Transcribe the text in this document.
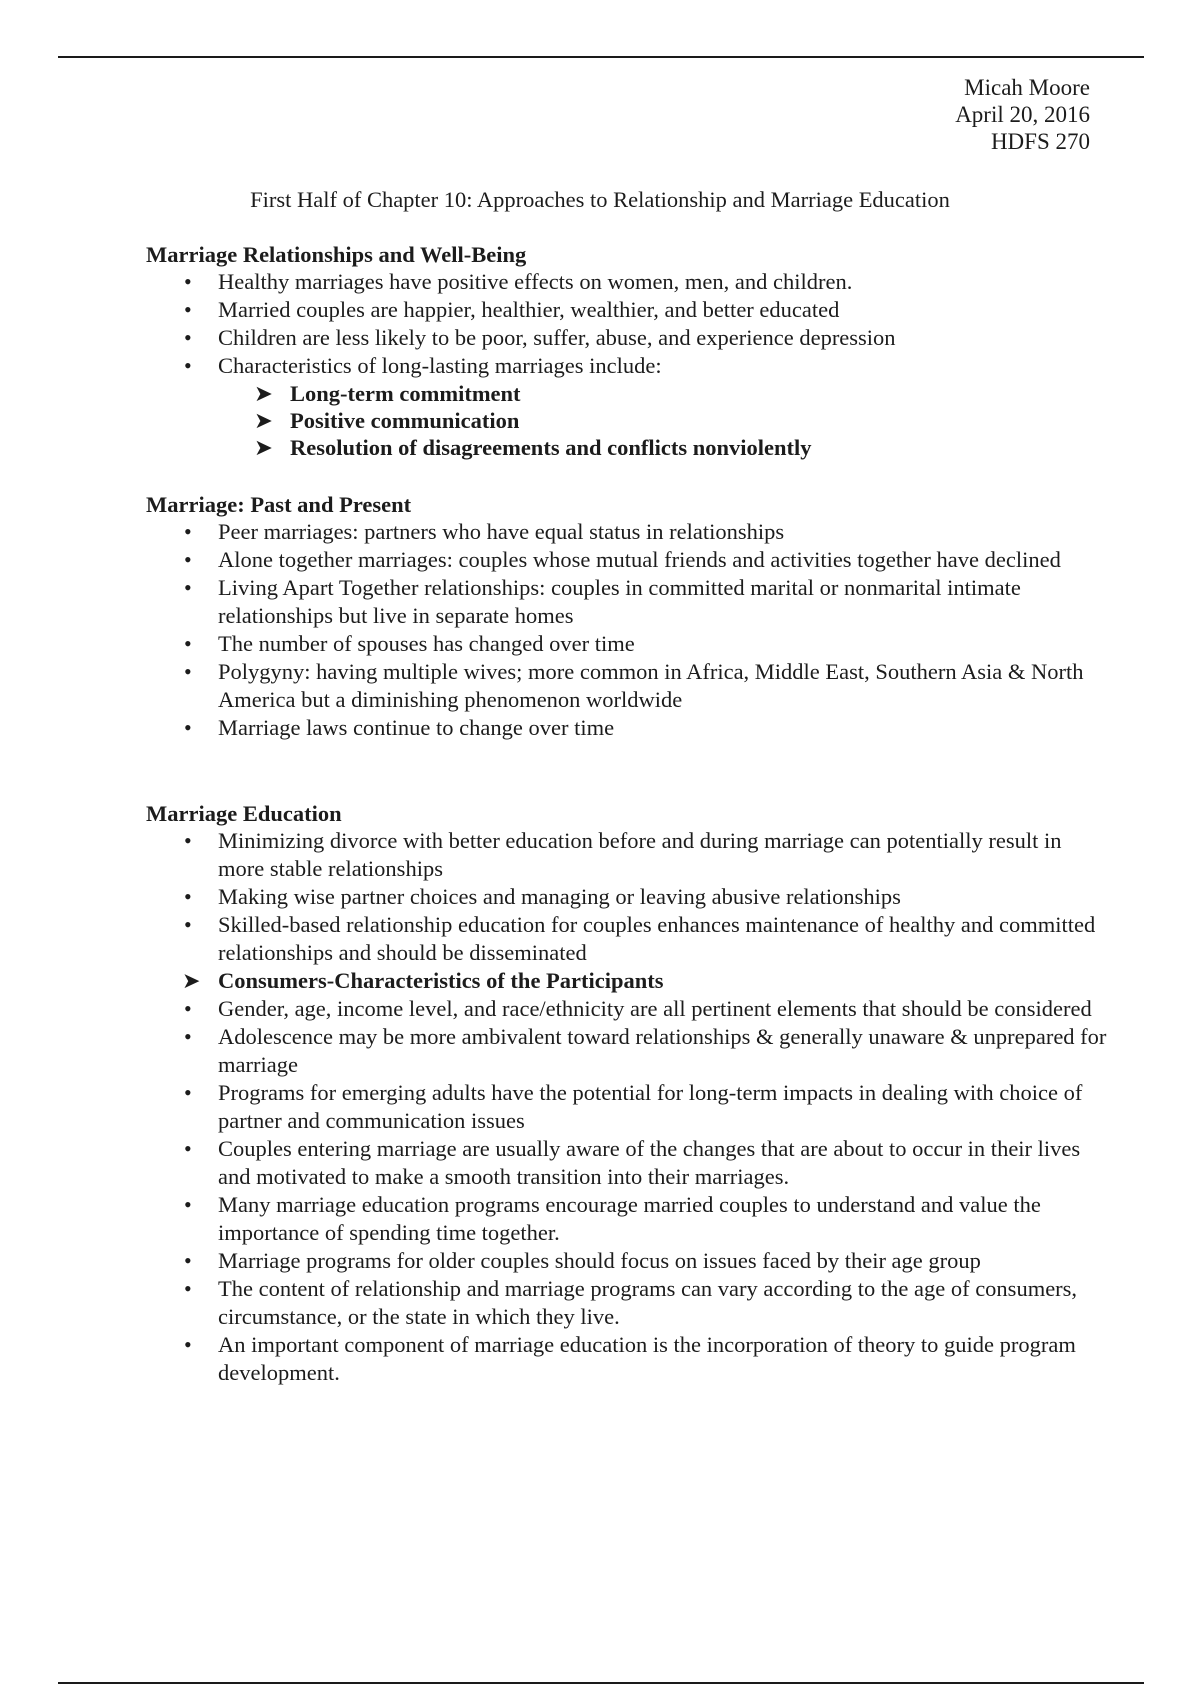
Micah Moore
April 20, 2016
HDFS 270
First Half of Chapter 10: Approaches to Relationship and Marriage Education
Marriage Relationships and Well-Being
• Healthy marriages have positive effects on women, men, and children.
• Married couples are happier, healthier, wealthier, and better educated
• Children are less likely to be poor, suffer, abuse, and experience depression
• Characteristics of long-lasting marriages include:
➤ Long-term commitment
➤ Positive communication
➤ Resolution of disagreements and conflicts nonviolently
Marriage: Past and Present
• Peer marriages: partners who have equal status in relationships
• Alone together marriages: couples whose mutual friends and activities together have declined
• Living Apart Together relationships: couples in committed marital or nonmarital intimate relationships but live in separate homes
• The number of spouses has changed over time
• Polygyny: having multiple wives; more common in Africa, Middle East, Southern Asia & North America but a diminishing phenomenon worldwide
• Marriage laws continue to change over time
Marriage Education
• Minimizing divorce with better education before and during marriage can potentially result in more stable relationships
• Making wise partner choices and managing or leaving abusive relationships
• Skilled-based relationship education for couples enhances maintenance of healthy and committed relationships and should be disseminated
➤ Consumers-Characteristics of the Participants
• Gender, age, income level, and race/ethnicity are all pertinent elements that should be considered
• Adolescence may be more ambivalent toward relationships & generally unaware & unprepared for marriage
• Programs for emerging adults have the potential for long-term impacts in dealing with choice of partner and communication issues
• Couples entering marriage are usually aware of the changes that are about to occur in their lives and motivated to make a smooth transition into their marriages.
• Many marriage education programs encourage married couples to understand and value the importance of spending time together.
• Marriage programs for older couples should focus on issues faced by their age group
• The content of relationship and marriage programs can vary according to the age of consumers, circumstance, or the state in which they live.
• An important component of marriage education is the incorporation of theory to guide program development.
